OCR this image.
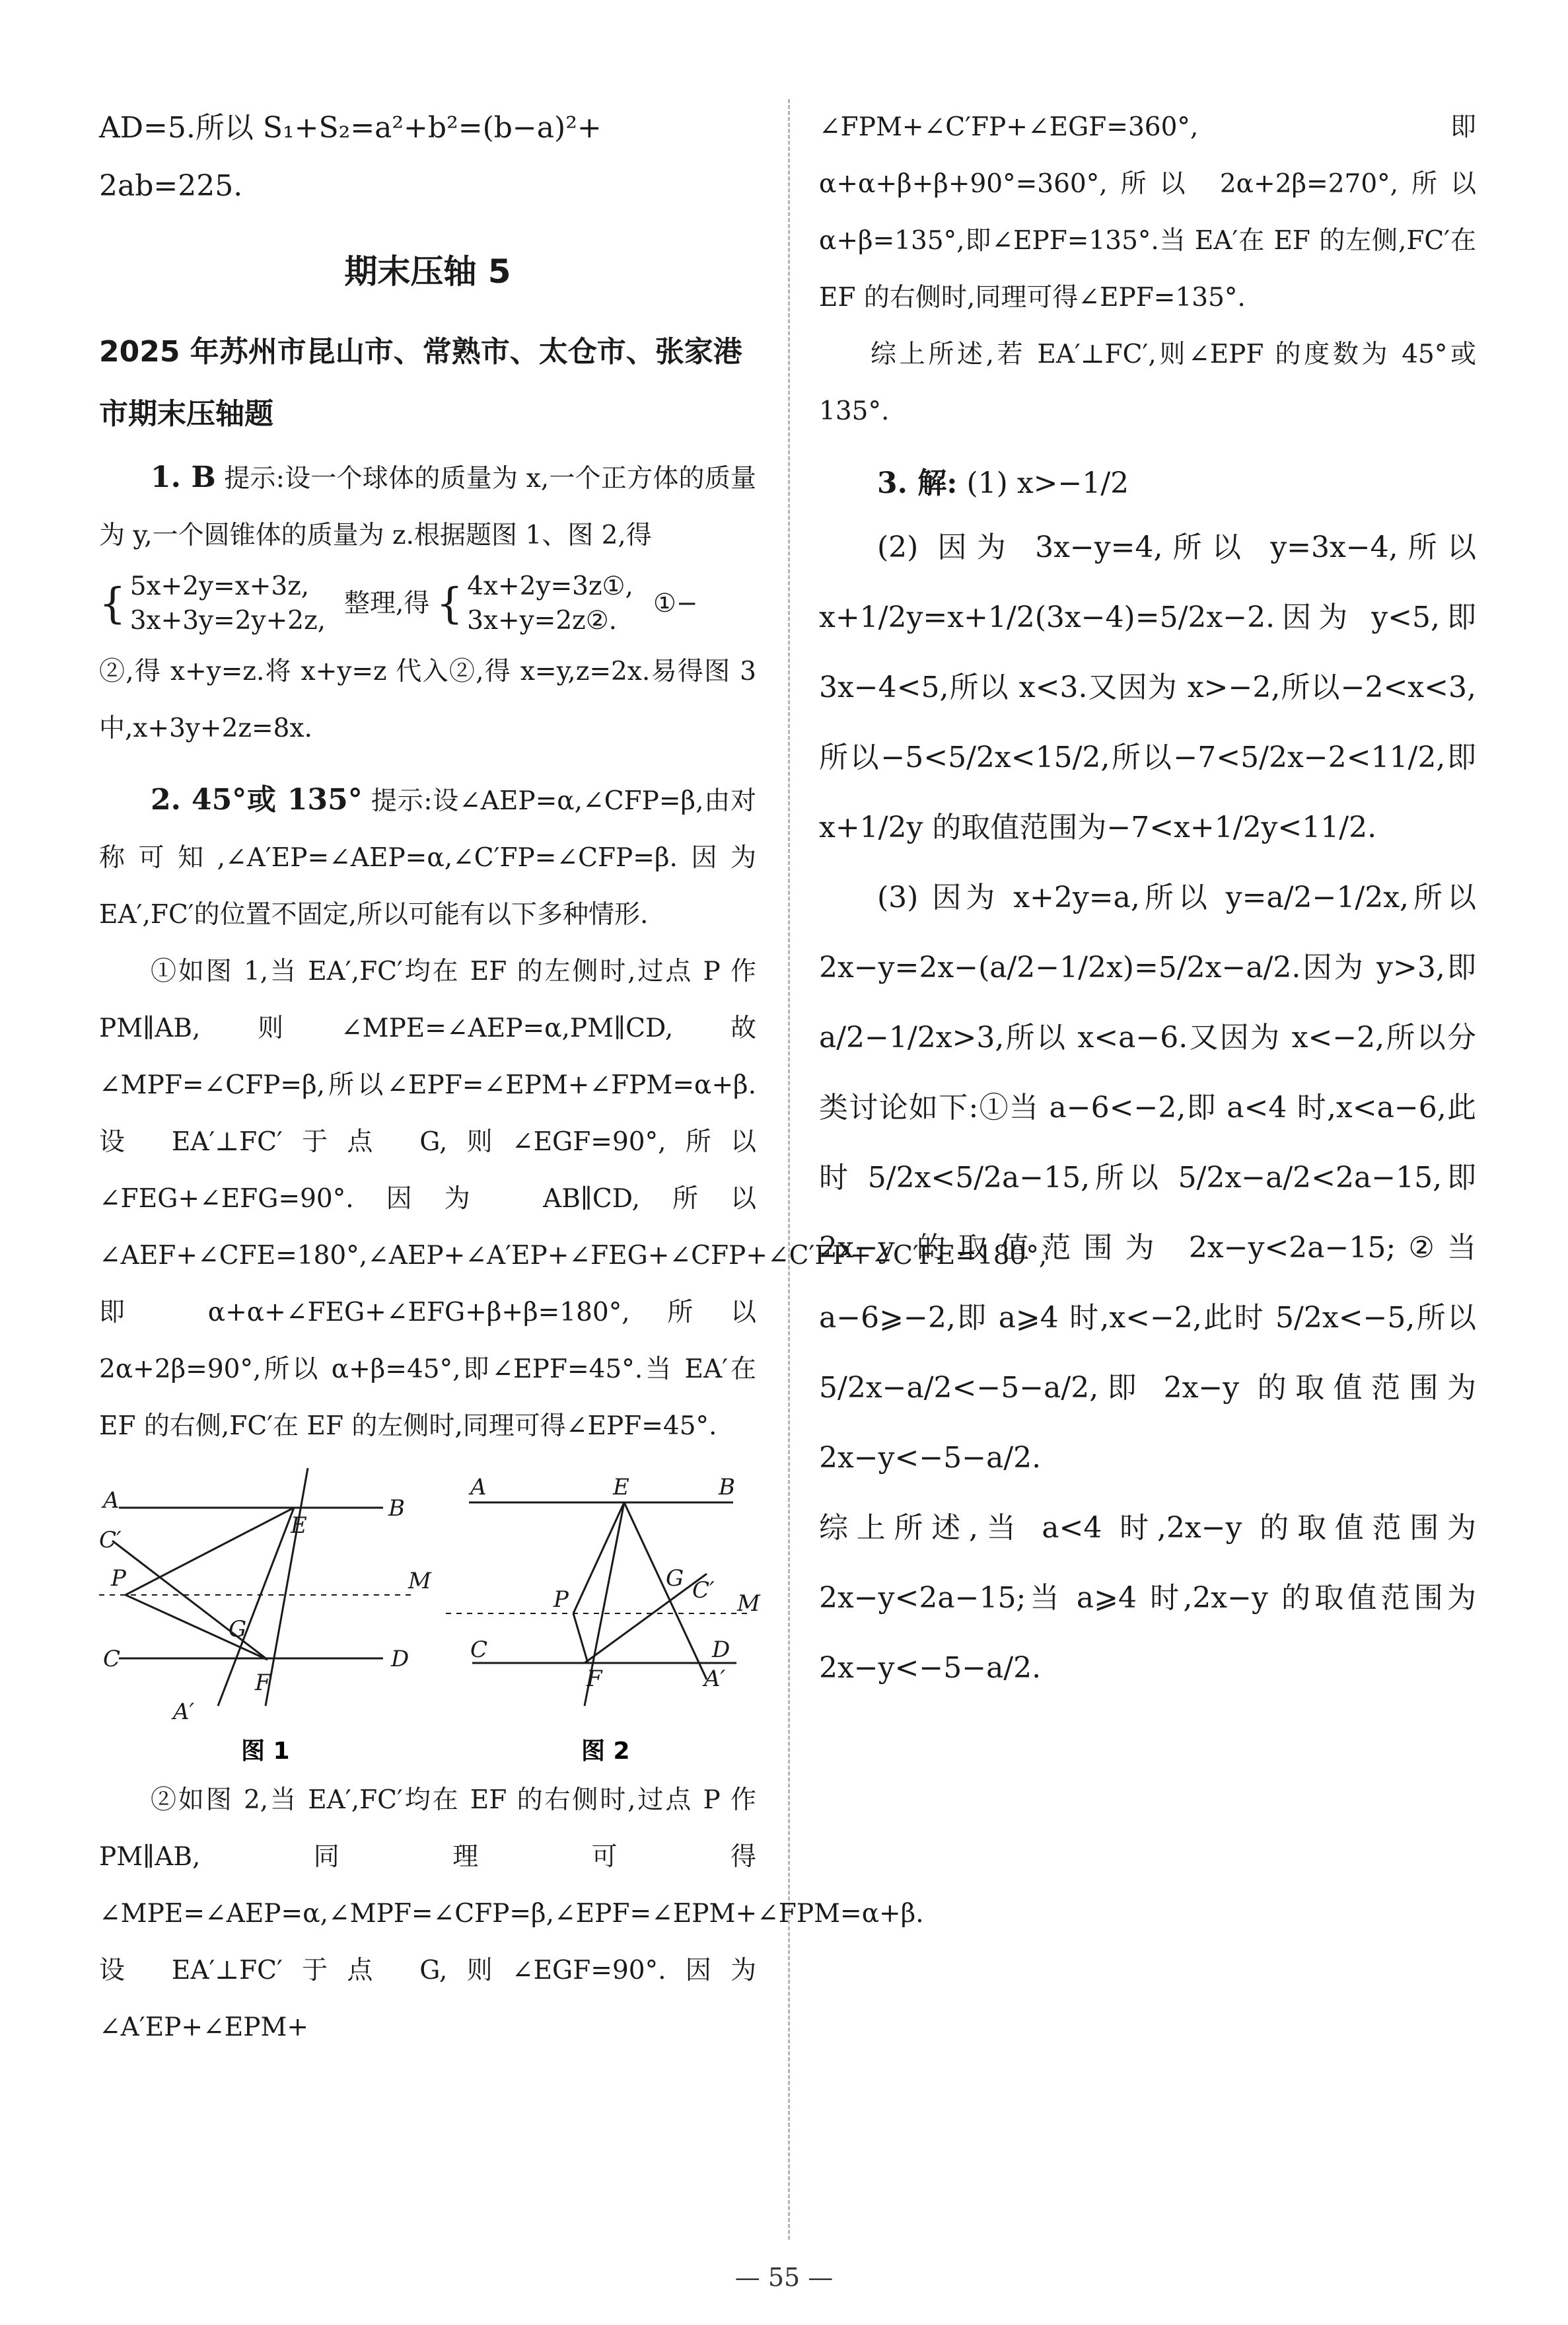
AD=5.所以 S₁+S₂=a²+b²=(b−a)²+

2ab=225.

期末压轴 5
2025 年苏州市昆山市、常熟市、太仓市、张家港市期末压轴题

1. B 提示:设一个球体的质量为 x,一个正方体的质量为 y,一个圆锥体的质量为 z.根据题图 1、图 2,得

{ 5x+2y=x+3z,
3x+3y=2y+2z,
整理,得 { 4x+2y=3z①,
3x+y=2z②.
①−

②,得 x+y=z.将 x+y=z 代入②,得 x=y,z=2x.易得图 3 中,x+3y+2z=8x.

2. 45°或 135° 提示:设∠AEP=α,∠CFP=β,由对称可知,∠A′EP=∠AEP=α,∠C′FP=∠CFP=β.因为 EA′,FC′的位置不固定,所以可能有以下多种情形.

①如图 1,当 EA′,FC′均在 EF 的左侧时,过点 P 作 PM∥AB,则∠MPE=∠AEP=α,PM∥CD,故∠MPF=∠CFP=β,所以∠EPF=∠EPM+∠FPM=α+β.设 EA′⊥FC′于点 G,则∠EGF=90°,所以∠FEG+∠EFG=90°.因为 AB∥CD,所以∠AEF+∠CFE=180°,∠AEP+∠A′EP+∠FEG+∠CFP+∠C′FP+∠C′FE=180°,即 α+α+∠FEG+∠EFG+β+β=180°,所以 2α+2β=90°,所以 α+β=45°,即∠EPF=45°.当 EA′在 EF 的右侧,FC′在 EF 的左侧时,同理可得∠EPF=45°.

A	B
E
C′
P	M
G
C	D
F
A′
A	E	B
G C′
P	M
C	D
F	A′
图 1	图 2

②如图 2,当 EA′,FC′均在 EF 的右侧时,过点 P 作 PM∥AB,同理可得∠MPE=∠AEP=α,∠MPF=∠CFP=β,∠EPF=∠EPM+∠FPM=α+β.设 EA′⊥FC′于点 G,则∠EGF=90°.因为∠A′EP+∠EPM+

∠FPM+∠C′FP+∠EGF=360°,即 α+α+β+β+90°=360°,所以 2α+2β=270°,所以 α+β=135°,即∠EPF=135°.当 EA′在 EF 的左侧,FC′在 EF 的右侧时,同理可得∠EPF=135°.

综上所述,若 EA′⊥FC′,则∠EPF 的度数为 45°或 135°.

3. 解: (1) x>−1/2

(2) 因为 3x−y=4,所以 y=3x−4,所以 x+1/2y=x+1/2(3x−4)=5/2x−2.因为 y<5,即 3x−4<5,所以 x<3.又因为 x>−2,所以−2<x<3,所以−5<5/2x<15/2,所以−7<5/2x−2<11/2,即 x+1/2y 的取值范围为−7<x+1/2y<11/2.

(3) 因为 x+2y=a,所以 y=a/2−1/2x,所以 2x−y=2x−(a/2−1/2x)=5/2x−a/2.因为 y>3,即 a/2−1/2x>3,所以 x<a−6.又因为 x<−2,所以分类讨论如下:①当 a−6<−2,即 a<4 时,x<a−6,此时 5/2x<5/2a−15,所以 5/2x−a/2<2a−15,即 2x−y 的取值范围为 2x−y<2a−15;②当 a−6⩾−2,即 a⩾4 时,x<−2,此时 5/2x<−5,所以 5/2x−a/2<−5−a/2,即 2x−y 的取值范围为 2x−y<−5−a/2.

综上所述,当 a<4 时,2x−y 的取值范围为 2x−y<2a−15;当 a⩾4 时,2x−y 的取值范围为 2x−y<−5−a/2.

— 55 —
